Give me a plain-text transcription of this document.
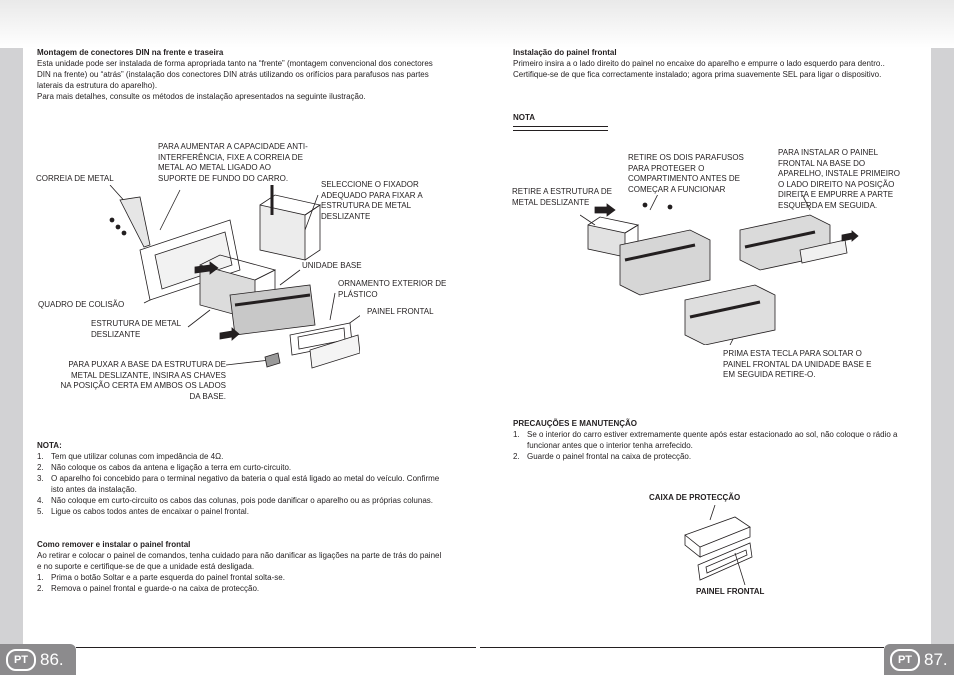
Montagem de conectores DIN na frente e traseira
Esta unidade pode ser instalada de forma apropriada tanto na “frente” (montagem convencional dos conectores DIN na frente) ou “atrás” (instalação dos conectores DIN atrás utilizando os orifícios para parafusos nas partes laterais da estrutura do aparelho).
Para mais detalhes, consulte os métodos de instalação apresentados na seguinte ilustração.
PARA AUMENTAR A CAPACIDADE ANTI-INTERFERÊNCIA, FIXE A CORREIA DE METAL AO METAL LIGADO AO SUPORTE DE FUNDO DO CARRO.
CORREIA DE METAL
SELECCIONE O FIXADOR ADEQUADO PARA FIXAR A ESTRUTURA DE METAL DESLIZANTE
UNIDADE BASE
ORNAMENTO EXTERIOR DE PLÁSTICO
QUADRO DE COLISÃO
PAINEL FRONTAL
ESTRUTURA DE METAL DESLIZANTE
PARA PUXAR A BASE DA ESTRUTURA DE METAL DESLIZANTE, INSIRA AS CHAVES NA POSIÇÃO CERTA EM AMBOS OS LADOS DA BASE.
NOTA:
1. Tem que utilizar colunas com impedância de 4Ω.
2. Não coloque os cabos da antena e ligação a terra em curto-circuito.
3. O aparelho foi concebido para o terminal negativo da bateria o qual está ligado ao metal do veículo. Confirme isto antes da instalação.
4. Não coloque em curto-circuito os cabos das colunas, pois pode danificar o aparelho ou as próprias colunas.
5. Ligue os cabos todos antes de encaixar o painel frontal.
Como remover e instalar o painel frontal
Ao retirar e colocar o painel de comandos, tenha cuidado para não danificar as ligações na parte de trás do painel e no suporte e certifique-se de que a unidade está desligada.
1. Prima o botão Soltar e a parte esquerda do painel frontal solta-se.
2. Remova o painel frontal e guarde-o na caixa de protecção.
Instalação do painel frontal
Primeiro insira a o lado direito do painel no encaixe do aparelho e empurre o lado esquerdo para dentro.. Certifique-se de que fica correctamente instalado; agora prima suavemente SEL para ligar o dispositivo.
NOTA
RETIRE OS DOIS PARAFUSOS PARA PROTEGER O COMPARTIMENTO ANTES DE COMEÇAR A FUNCIONAR
PARA INSTALAR O PAINEL FRONTAL NA BASE DO APARELHO, INSTALE PRIMEIRO O LADO DIREITO NA POSIÇÃO DIREITA E EMPURRE A PARTE ESQUERDA EM SEGUIDA.
RETIRE A ESTRUTURA DE METAL DESLIZANTE
PRIMA ESTA TECLA PARA SOLTAR O PAINEL FRONTAL DA UNIDADE BASE E EM SEGUIDA RETIRE-O.
PRECAUÇÕES E MANUTENÇÃO
1. Se o interior do carro estiver extremamente quente após estar estacionado ao sol, não coloque o rádio a funcionar antes que o interior tenha arrefecido.
2. Guarde o painel frontal na caixa de protecção.
CAIXA DE PROTECÇÃO
PAINEL FRONTAL
PT 86.	PT 87.
